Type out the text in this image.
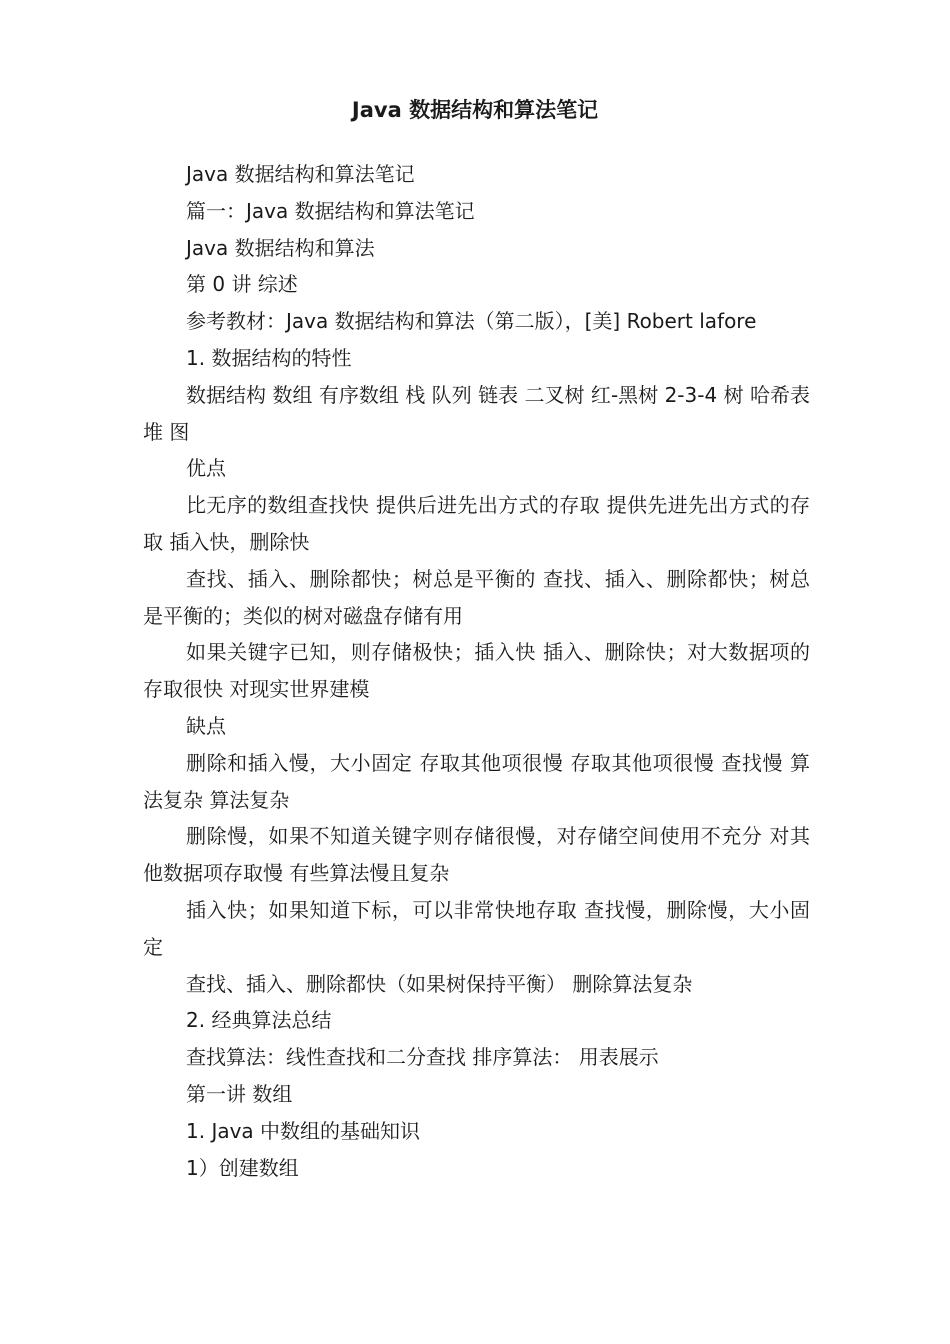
Java 数据结构和算法笔记

Java 数据结构和算法笔记

篇一：Java 数据结构和算法笔记

Java 数据结构和算法

第 0 讲 综述

参考教材：Java 数据结构和算法（第二版），[美] Robert lafore

1. 数据结构的特性

数据结构 数组 有序数组 栈 队列 链表 二叉树 红-黑树 2-3-4 树 哈希表 堆 图

优点

比无序的数组查找快 提供后进先出方式的存取 提供先进先出方式的存取 插入快，删除快

查找、插入、删除都快；树总是平衡的 查找、插入、删除都快；树总是平衡的；类似的树对磁盘存储有用

如果关键字已知，则存储极快；插入快 插入、删除快；对大数据项的存取很快 对现实世界建模

缺点

删除和插入慢，大小固定 存取其他项很慢 存取其他项很慢 查找慢 算法复杂 算法复杂

删除慢，如果不知道关键字则存储很慢，对存储空间使用不充分 对其他数据项存取慢 有些算法慢且复杂

插入快；如果知道下标，可以非常快地存取 查找慢，删除慢，大小固定

查找、插入、删除都快（如果树保持平衡） 删除算法复杂

2. 经典算法总结

查找算法：线性查找和二分查找 排序算法： 用表展示

第一讲 数组

1. Java 中数组的基础知识

1）创建数组
